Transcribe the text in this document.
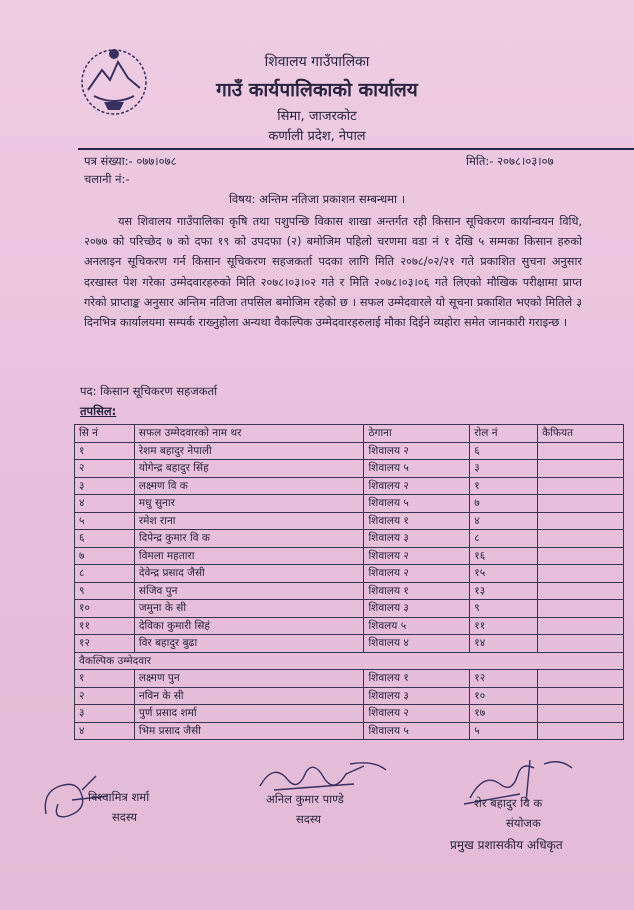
शिवालय गाउँपालिका
गाउँ कार्यपालिकाको कार्यालय
सिमा, जाजरकोट
कर्णाली प्रदेश, नेपाल
पत्र संख्या:- ०७७।०७८	मिति:- २०७८।०३।०७
चलानी नं:-
विषय: अन्तिम नतिजा प्रकाशन सम्बन्धमा ।
यस शिवालय गाउँपालिका कृषि तथा पशुपन्छि विकास शाखा अन्तर्गत रही किसान सूचिकरण कार्यान्वयन विधि, २०७७ को परिच्छेद ७ को दफा १९ को उपदफा (२) बमोजिम पहिलो चरणमा वडा नं १ देखि ५ सम्मका किसान हरुको अनलाइन सूचिकरण गर्न किसान सूचिकरण सहजकर्ता पदका लागि मिति २०७८/०२/२१ गते प्रकाशित सुचना अनुसार दरखास्त पेश गरेका उम्मेदवारहरुको मिति २०७८।०३।०२ गते र मिति २०७८।०३।०६ गते लिएको मौखिक परीक्षामा प्राप्त गरेको प्राप्ताङ्क अनुसार अन्तिम नतिजा तपसिल बमोजिम रहेको छ । सफल उम्मेदवारले यो सूचना प्रकाशित भएको मितिले ३ दिनभित्र कार्यालयमा सम्पर्क राख्नुहोला अन्यथा वैकल्पिक उम्मेदवारहरुलाई मौका दिईने व्यहोरा समेत जानकारी गराइन्छ ।
पद: किसान सूचिकरण सहजकर्ता
तपसिल:
सि नं	सफल उम्मेदवारको नाम थर	ठेगाना	रोल नं	कैफियत
१	रेशम बहादुर नेपाली	शिवालय २	६	
२	योगेन्द्र बहादुर सिंह	शिवालय ५	३	
३	लक्ष्मण वि क	शिवालय २	१	
४	मधु सुनार	शिवालय ५	७	
५	रमेश राना	शिवालय १	४	
६	दिपेन्द्र कुमार वि क	शिवालय ३	८	
७	विमला महतारा	शिवालय २	१६	
८	देवेन्द्र प्रसाद जैसी	शिवालय २	१५	
९	संजिव पुन	शिवालय १	१३	
१०	जमुना के सी	शिवालय ३	९	
११	देविका कुमारी सिहं	शिवलय ५	११	
१२	विर बहादुर बुढा	शिवालय ४	१४	
वैकल्पिक उम्मेदवार				
१	लक्ष्मण पुन	शिवालय १	१२	
२	नविन के सी	शिवालय ३	१०	
३	पुर्ण प्रसाद शर्मा	शिवालय २	१७	
४	भिम प्रसाद जैसी	शिवालय ५	५	
विश्वामित्र शर्मा
सदस्य
अनिल कुमार पाण्डे
सदस्य
शेर बहादुर वि क
संयोजक
प्रमुख प्रशासकीय अधिकृत
